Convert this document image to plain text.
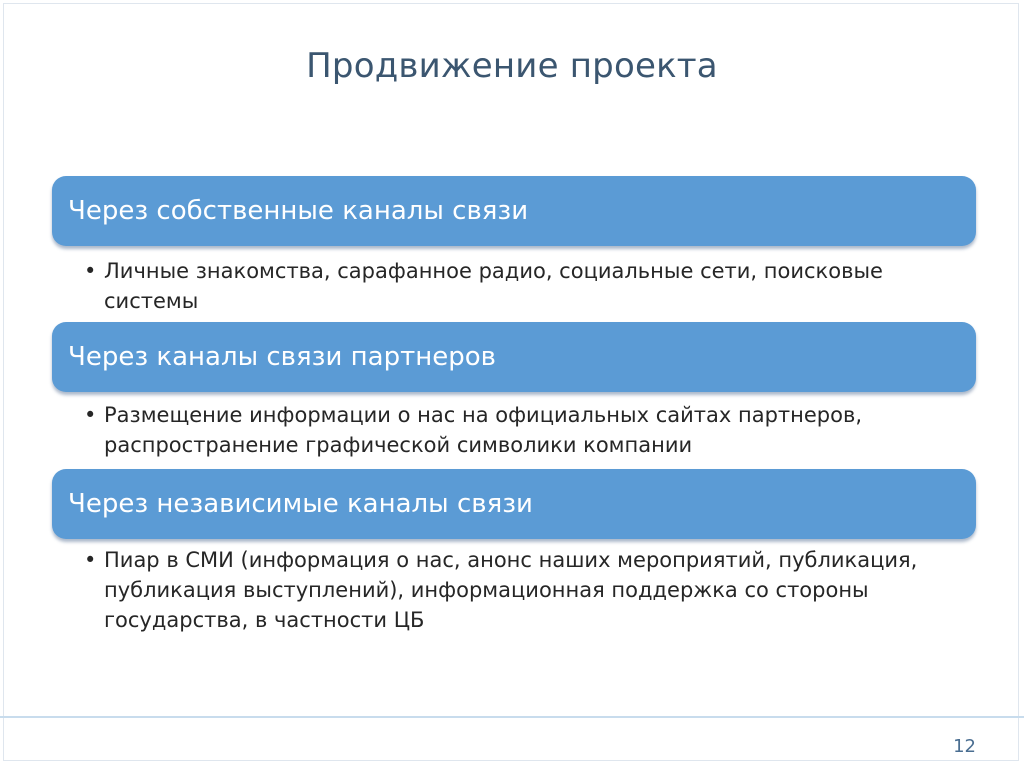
Продвижение проекта
Через собственные каналы связи
• Личные знакомства, сарафанное радио, социальные сети, поисковые системы
Через каналы связи партнеров
• Размещение информации о нас на официальных сайтах партнеров, распространение графической символики компании
Через независимые каналы связи
• Пиар в СМИ (информация о нас, анонс наших мероприятий, публикация, публикация выступлений), информационная поддержка со стороны государства, в частности ЦБ
12
